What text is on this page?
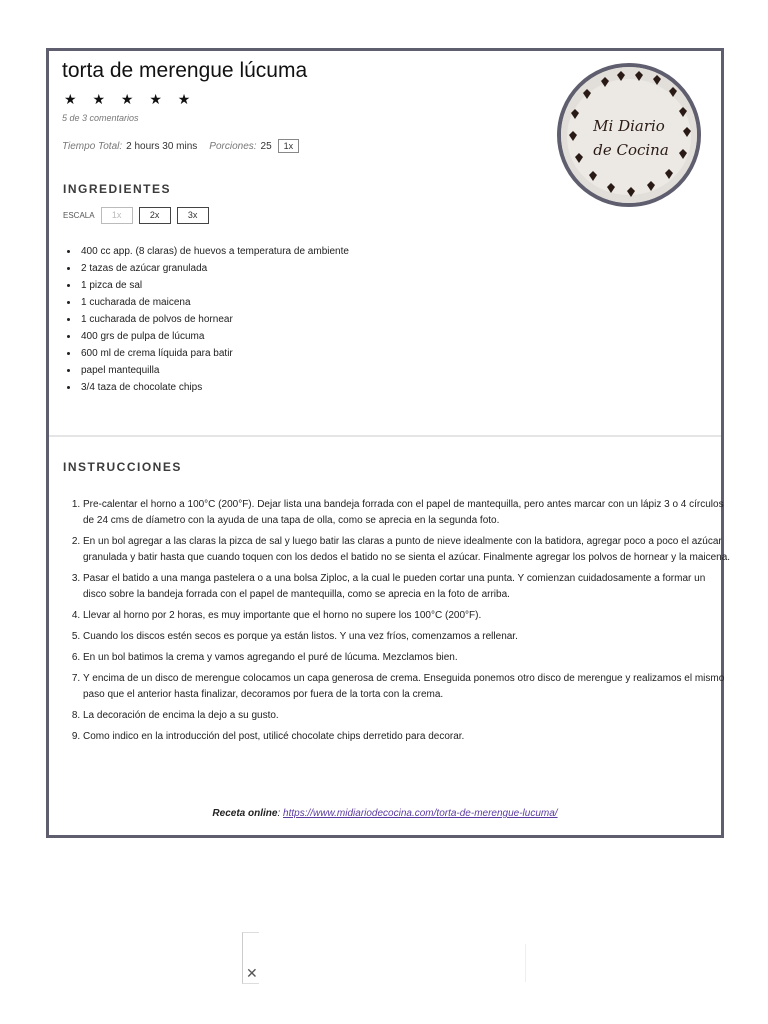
torta de merengue lúcuma
★ ★ ★ ★ ★
5 de 3 comentarios
Tiempo Total: 2 hours 30 mins Porciones: 25	1x
Mi Diario
de Cocina
INGREDIENTES
ESCALA	1x	2x	3x
• 400 cc app. (8 claras) de huevos a temperatura de ambiente
• 2 tazas de azúcar granulada
• 1 pizca de sal
• 1 cucharada de maicena
• 1 cucharada de polvos de hornear
• 400 grs de pulpa de lúcuma
• 600 ml de crema líquida para batir
• papel mantequilla
• 3/4 taza de chocolate chips
INSTRUCCIONES
1. Pre-calentar el horno a 100°C (200°F). Dejar lista una bandeja forrada con el papel de mantequilla, pero antes marcar con un lápiz 3 o 4 círculos de 24 cms de díametro con la ayuda de una tapa de olla, como se aprecia en la segunda foto.
2. En un bol agregar a las claras la pizca de sal y luego batir las claras a punto de nieve idealmente con la batidora, agregar poco a poco el azúcar granulada y batir hasta que cuando toquen con los dedos el batido no se sienta el azúcar. Finalmente agregar los polvos de hornear y la maicena.
3. Pasar el batido a una manga pastelera o a una bolsa Ziploc, a la cual le pueden cortar una punta. Y comienzan cuidadosamente a formar un disco sobre la bandeja forrada con el papel de mantequilla, como se aprecia en la foto de arriba.
4. Llevar al horno por 2 horas, es muy importante que el horno no supere los 100°C (200°F).
5. Cuando los discos estén secos es porque ya están listos. Y una vez fríos, comenzamos a rellenar.
6. En un bol batimos la crema y vamos agregando el puré de lúcuma. Mezclamos bien.
7. Y encima de un disco de merengue colocamos un capa generosa de crema. Enseguida ponemos otro disco de merengue y realizamos el mismo paso que el anterior hasta finalizar, decoramos por fuera de la torta con la crema.
8. La decoración de encima la dejo a su gusto.
9. Como indico en la introducción del post, utilicé chocolate chips derretido para decorar.
Receta online: https://www.midiariodecocina.com/torta-de-merengue-lucuma/
✕
